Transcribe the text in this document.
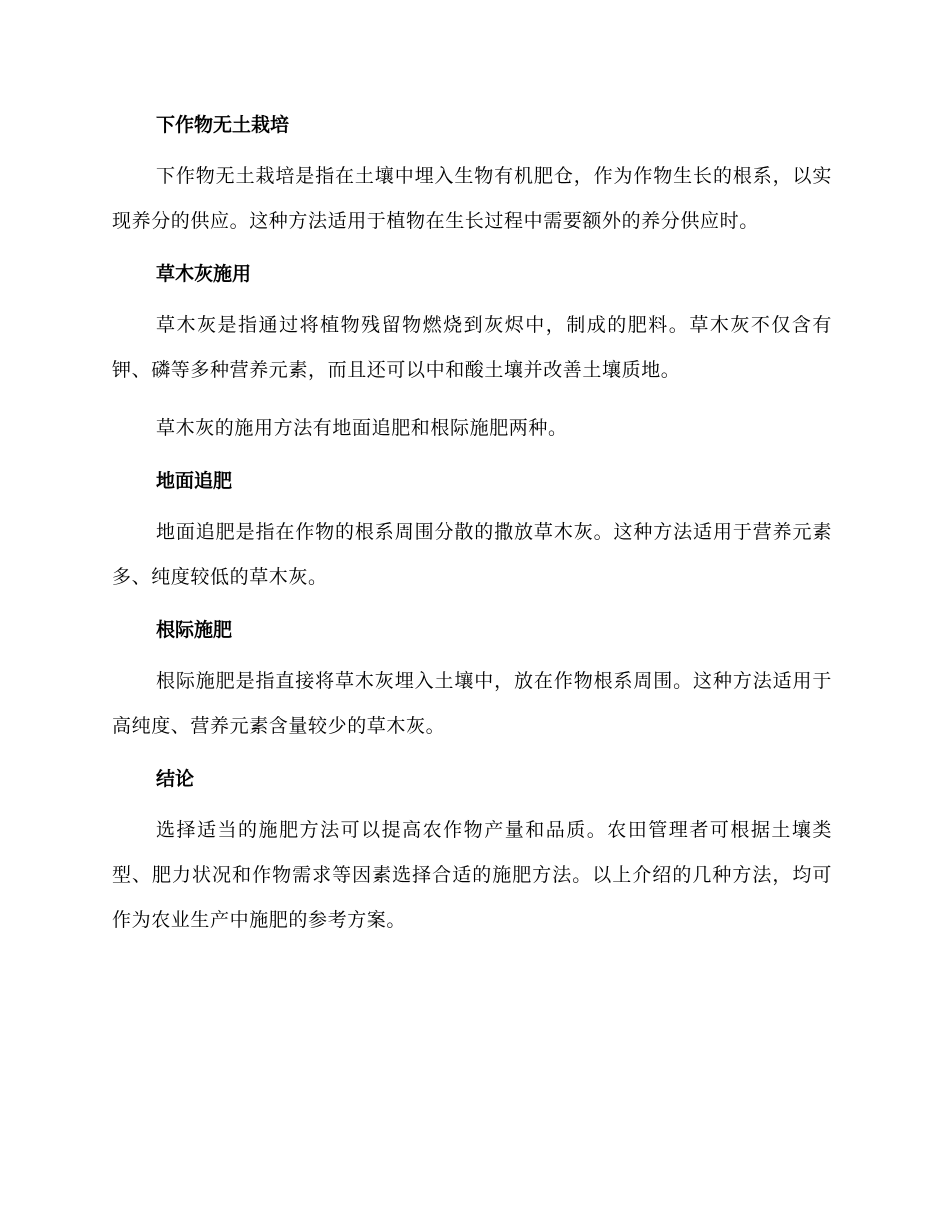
下作物无土栽培

下作物无土栽培是指在土壤中埋入生物有机肥仓，作为作物生长的根系，以实现养分的供应。这种方法适用于植物在生长过程中需要额外的养分供应时。

草木灰施用

草木灰是指通过将植物残留物燃烧到灰烬中，制成的肥料。草木灰不仅含有钾、磷等多种营养元素，而且还可以中和酸土壤并改善土壤质地。

草木灰的施用方法有地面追肥和根际施肥两种。

地面追肥

地面追肥是指在作物的根系周围分散的撒放草木灰。这种方法适用于营养元素多、纯度较低的草木灰。

根际施肥

根际施肥是指直接将草木灰埋入土壤中，放在作物根系周围。这种方法适用于高纯度、营养元素含量较少的草木灰。

结论

选择适当的施肥方法可以提高农作物产量和品质。农田管理者可根据土壤类型、肥力状况和作物需求等因素选择合适的施肥方法。以上介绍的几种方法，均可作为农业生产中施肥的参考方案。
